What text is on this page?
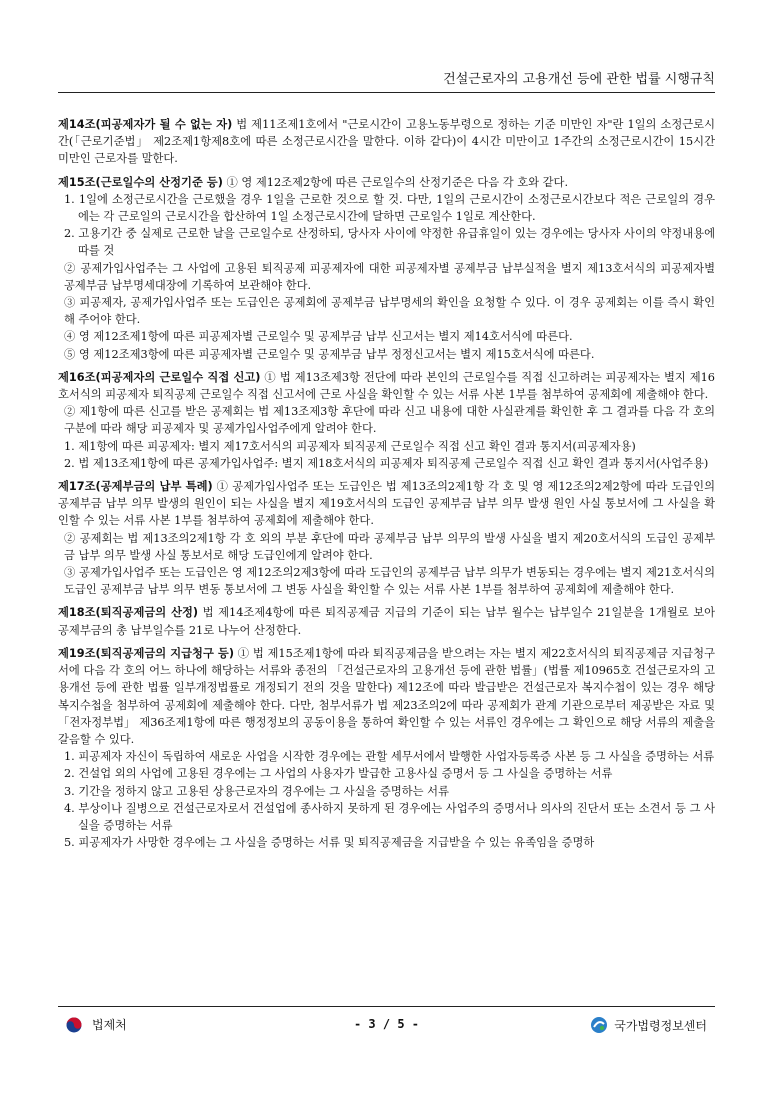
건설근로자의 고용개선 등에 관한 법률 시행규칙

제14조(피공제자가 될 수 없는 자) 법 제11조제1호에서 "근로시간이 고용노동부령으로 정하는 기준 미만인 자"란 1일의 소정근로시간(「근로기준법」 제2조제1항제8호에 따른 소정근로시간을 말한다. 이하 같다)이 4시간 미만이고 1주간의 소정근로시간이 15시간 미만인 근로자를 말한다.

제15조(근로일수의 산정기준 등) ① 영 제12조제2항에 따른 근로일수의 산정기준은 다음 각 호와 같다.

1. 1일에 소정근로시간을 근로했을 경우 1일을 근로한 것으로 할 것. 다만, 1일의 근로시간이 소정근로시간보다 적은 근로일의 경우에는 각 근로일의 근로시간을 합산하여 1일 소정근로시간에 달하면 근로일수 1일로 계산한다.

2. 고용기간 중 실제로 근로한 날을 근로일수로 산정하되, 당사자 사이에 약정한 유급휴일이 있는 경우에는 당사자 사이의 약정내용에 따를 것

② 공제가입사업주는 그 사업에 고용된 퇴직공제 피공제자에 대한 피공제자별 공제부금 납부실적을 별지 제13호서식의 피공제자별 공제부금 납부명세대장에 기록하여 보관해야 한다.

③ 피공제자, 공제가입사업주 또는 도급인은 공제회에 공제부금 납부명세의 확인을 요청할 수 있다. 이 경우 공제회는 이를 즉시 확인해 주어야 한다.

④ 영 제12조제1항에 따른 피공제자별 근로일수 및 공제부금 납부 신고서는 별지 제14호서식에 따른다.

⑤ 영 제12조제3항에 따른 피공제자별 근로일수 및 공제부금 납부 정정신고서는 별지 제15호서식에 따른다.

제16조(피공제자의 근로일수 직접 신고) ① 법 제13조제3항 전단에 따라 본인의 근로일수를 직접 신고하려는 피공제자는 별지 제16호서식의 피공제자 퇴직공제 근로일수 직접 신고서에 근로 사실을 확인할 수 있는 서류 사본 1부를 첨부하여 공제회에 제출해야 한다.

② 제1항에 따른 신고를 받은 공제회는 법 제13조제3항 후단에 따라 신고 내용에 대한 사실관계를 확인한 후 그 결과를 다음 각 호의 구분에 따라 해당 피공제자 및 공제가입사업주에게 알려야 한다.

1. 제1항에 따른 피공제자: 별지 제17호서식의 피공제자 퇴직공제 근로일수 직접 신고 확인 결과 통지서(피공제자용)

2. 법 제13조제1항에 따른 공제가입사업주: 별지 제18호서식의 피공제자 퇴직공제 근로일수 직접 신고 확인 결과 통지서(사업주용)

제17조(공제부금의 납부 특례) ① 공제가입사업주 또는 도급인은 법 제13조의2제1항 각 호 및 영 제12조의2제2항에 따라 도급인의 공제부금 납부 의무 발생의 원인이 되는 사실을 별지 제19호서식의 도급인 공제부금 납부 의무 발생 원인 사실 통보서에 그 사실을 확인할 수 있는 서류 사본 1부를 첨부하여 공제회에 제출해야 한다.

② 공제회는 법 제13조의2제1항 각 호 외의 부분 후단에 따라 공제부금 납부 의무의 발생 사실을 별지 제20호서식의 도급인 공제부금 납부 의무 발생 사실 통보서로 해당 도급인에게 알려야 한다.

③ 공제가입사업주 또는 도급인은 영 제12조의2제3항에 따라 도급인의 공제부금 납부 의무가 변동되는 경우에는 별지 제21호서식의 도급인 공제부금 납부 의무 변동 통보서에 그 변동 사실을 확인할 수 있는 서류 사본 1부를 첨부하여 공제회에 제출해야 한다.

제18조(퇴직공제금의 산정) 법 제14조제4항에 따른 퇴직공제금 지급의 기준이 되는 납부 월수는 납부일수 21일분을 1개월로 보아 공제부금의 총 납부일수를 21로 나누어 산정한다.

제19조(퇴직공제금의 지급청구 등) ① 법 제15조제1항에 따라 퇴직공제금을 받으려는 자는 별지 제22호서식의 퇴직공제금 지급청구서에 다음 각 호의 어느 하나에 해당하는 서류와 종전의 「건설근로자의 고용개선 등에 관한 법률」(법률 제10965호 건설근로자의 고용개선 등에 관한 법률 일부개정법률로 개정되기 전의 것을 말한다) 제12조에 따라 발급받은 건설근로자 복지수첩이 있는 경우 해당 복지수첩을 첨부하여 공제회에 제출해야 한다. 다만, 첨부서류가 법 제23조의2에 따라 공제회가 관계 기관으로부터 제공받은 자료 및 「전자정부법」 제36조제1항에 따른 행정정보의 공동이용을 통하여 확인할 수 있는 서류인 경우에는 그 확인으로 해당 서류의 제출을 갈음할 수 있다.

1. 피공제자 자신이 독립하여 새로운 사업을 시작한 경우에는 관할 세무서에서 발행한 사업자등록증 사본 등 그 사실을 증명하는 서류

2. 건설업 외의 사업에 고용된 경우에는 그 사업의 사용자가 발급한 고용사실 증명서 등 그 사실을 증명하는 서류

3. 기간을 정하지 않고 고용된 상용근로자의 경우에는 그 사실을 증명하는 서류

4. 부상이나 질병으로 건설근로자로서 건설업에 종사하지 못하게 된 경우에는 사업주의 증명서나 의사의 진단서 또는 소견서 등 그 사실을 증명하는 서류

5. 피공제자가 사망한 경우에는 그 사실을 증명하는 서류 및 퇴직공제금을 지급받을 수 있는 유족임을 증명하

법제처	- 3 / 5 -	국가법령정보센터
